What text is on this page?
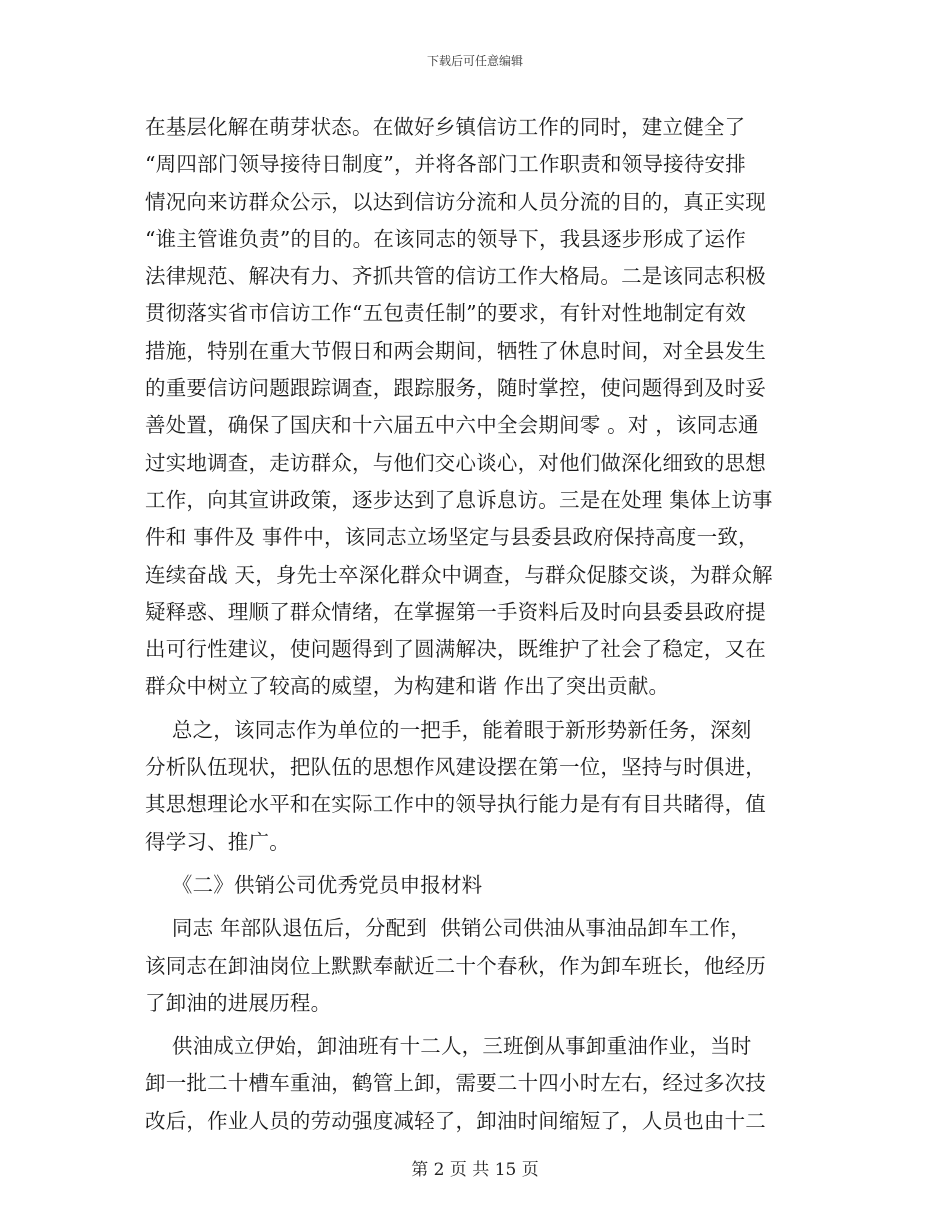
下载后可任意编辑
在基层化解在萌芽状态。在做好乡镇信访工作的同时，建立健全了
“周四部门领导接待日制度”，并将各部门工作职责和领导接待安排
情况向来访群众公示，以达到信访分流和人员分流的目的，真正实现
“谁主管谁负责”的目的。在该同志的领导下，我县逐步形成了运作
法律规范、解决有力、齐抓共管的信访工作大格局。二是该同志积极
贯彻落实省市信访工作“五包责任制”的要求，有针对性地制定有效
措施，特别在重大节假日和两会期间，牺牲了休息时间，对全县发生
的重要信访问题跟踪调查，跟踪服务，随时掌控，使问题得到及时妥
善处置，确保了国庆和十六届五中六中全会期间零 。对 ，该同志通
过实地调查，走访群众，与他们交心谈心，对他们做深化细致的思想
工作，向其宣讲政策，逐步达到了息诉息访。三是在处理 集体上访事
件和 事件及 事件中，该同志立场坚定与县委县政府保持高度一致，
连续奋战 天，身先士卒深化群众中调查，与群众促膝交谈，为群众解
疑释惑、理顺了群众情绪，在掌握第一手资料后及时向县委县政府提
出可行性建议，使问题得到了圆满解决，既维护了社会了稳定，又在
群众中树立了较高的威望，为构建和谐 作出了突出贡献。
总之，该同志作为单位的一把手，能着眼于新形势新任务，深刻
分析队伍现状，把队伍的思想作风建设摆在第一位，坚持与时俱进，
其思想理论水平和在实际工作中的领导执行能力是有有目共睹得，值
得学习、推广。
《二》供销公司优秀党员申报材料
同志 年部队退伍后，分配到  供销公司供油从事油品卸车工作，
该同志在卸油岗位上默默奉献近二十个春秋，作为卸车班长，他经历
了卸油的进展历程。
供油成立伊始，卸油班有十二人，三班倒从事卸重油作业，当时
卸一批二十槽车重油，鹤管上卸，需要二十四小时左右，经过多次技
改后，作业人员的劳动强度减轻了，卸油时间缩短了，人员也由十二
第 2 页 共 15 页
